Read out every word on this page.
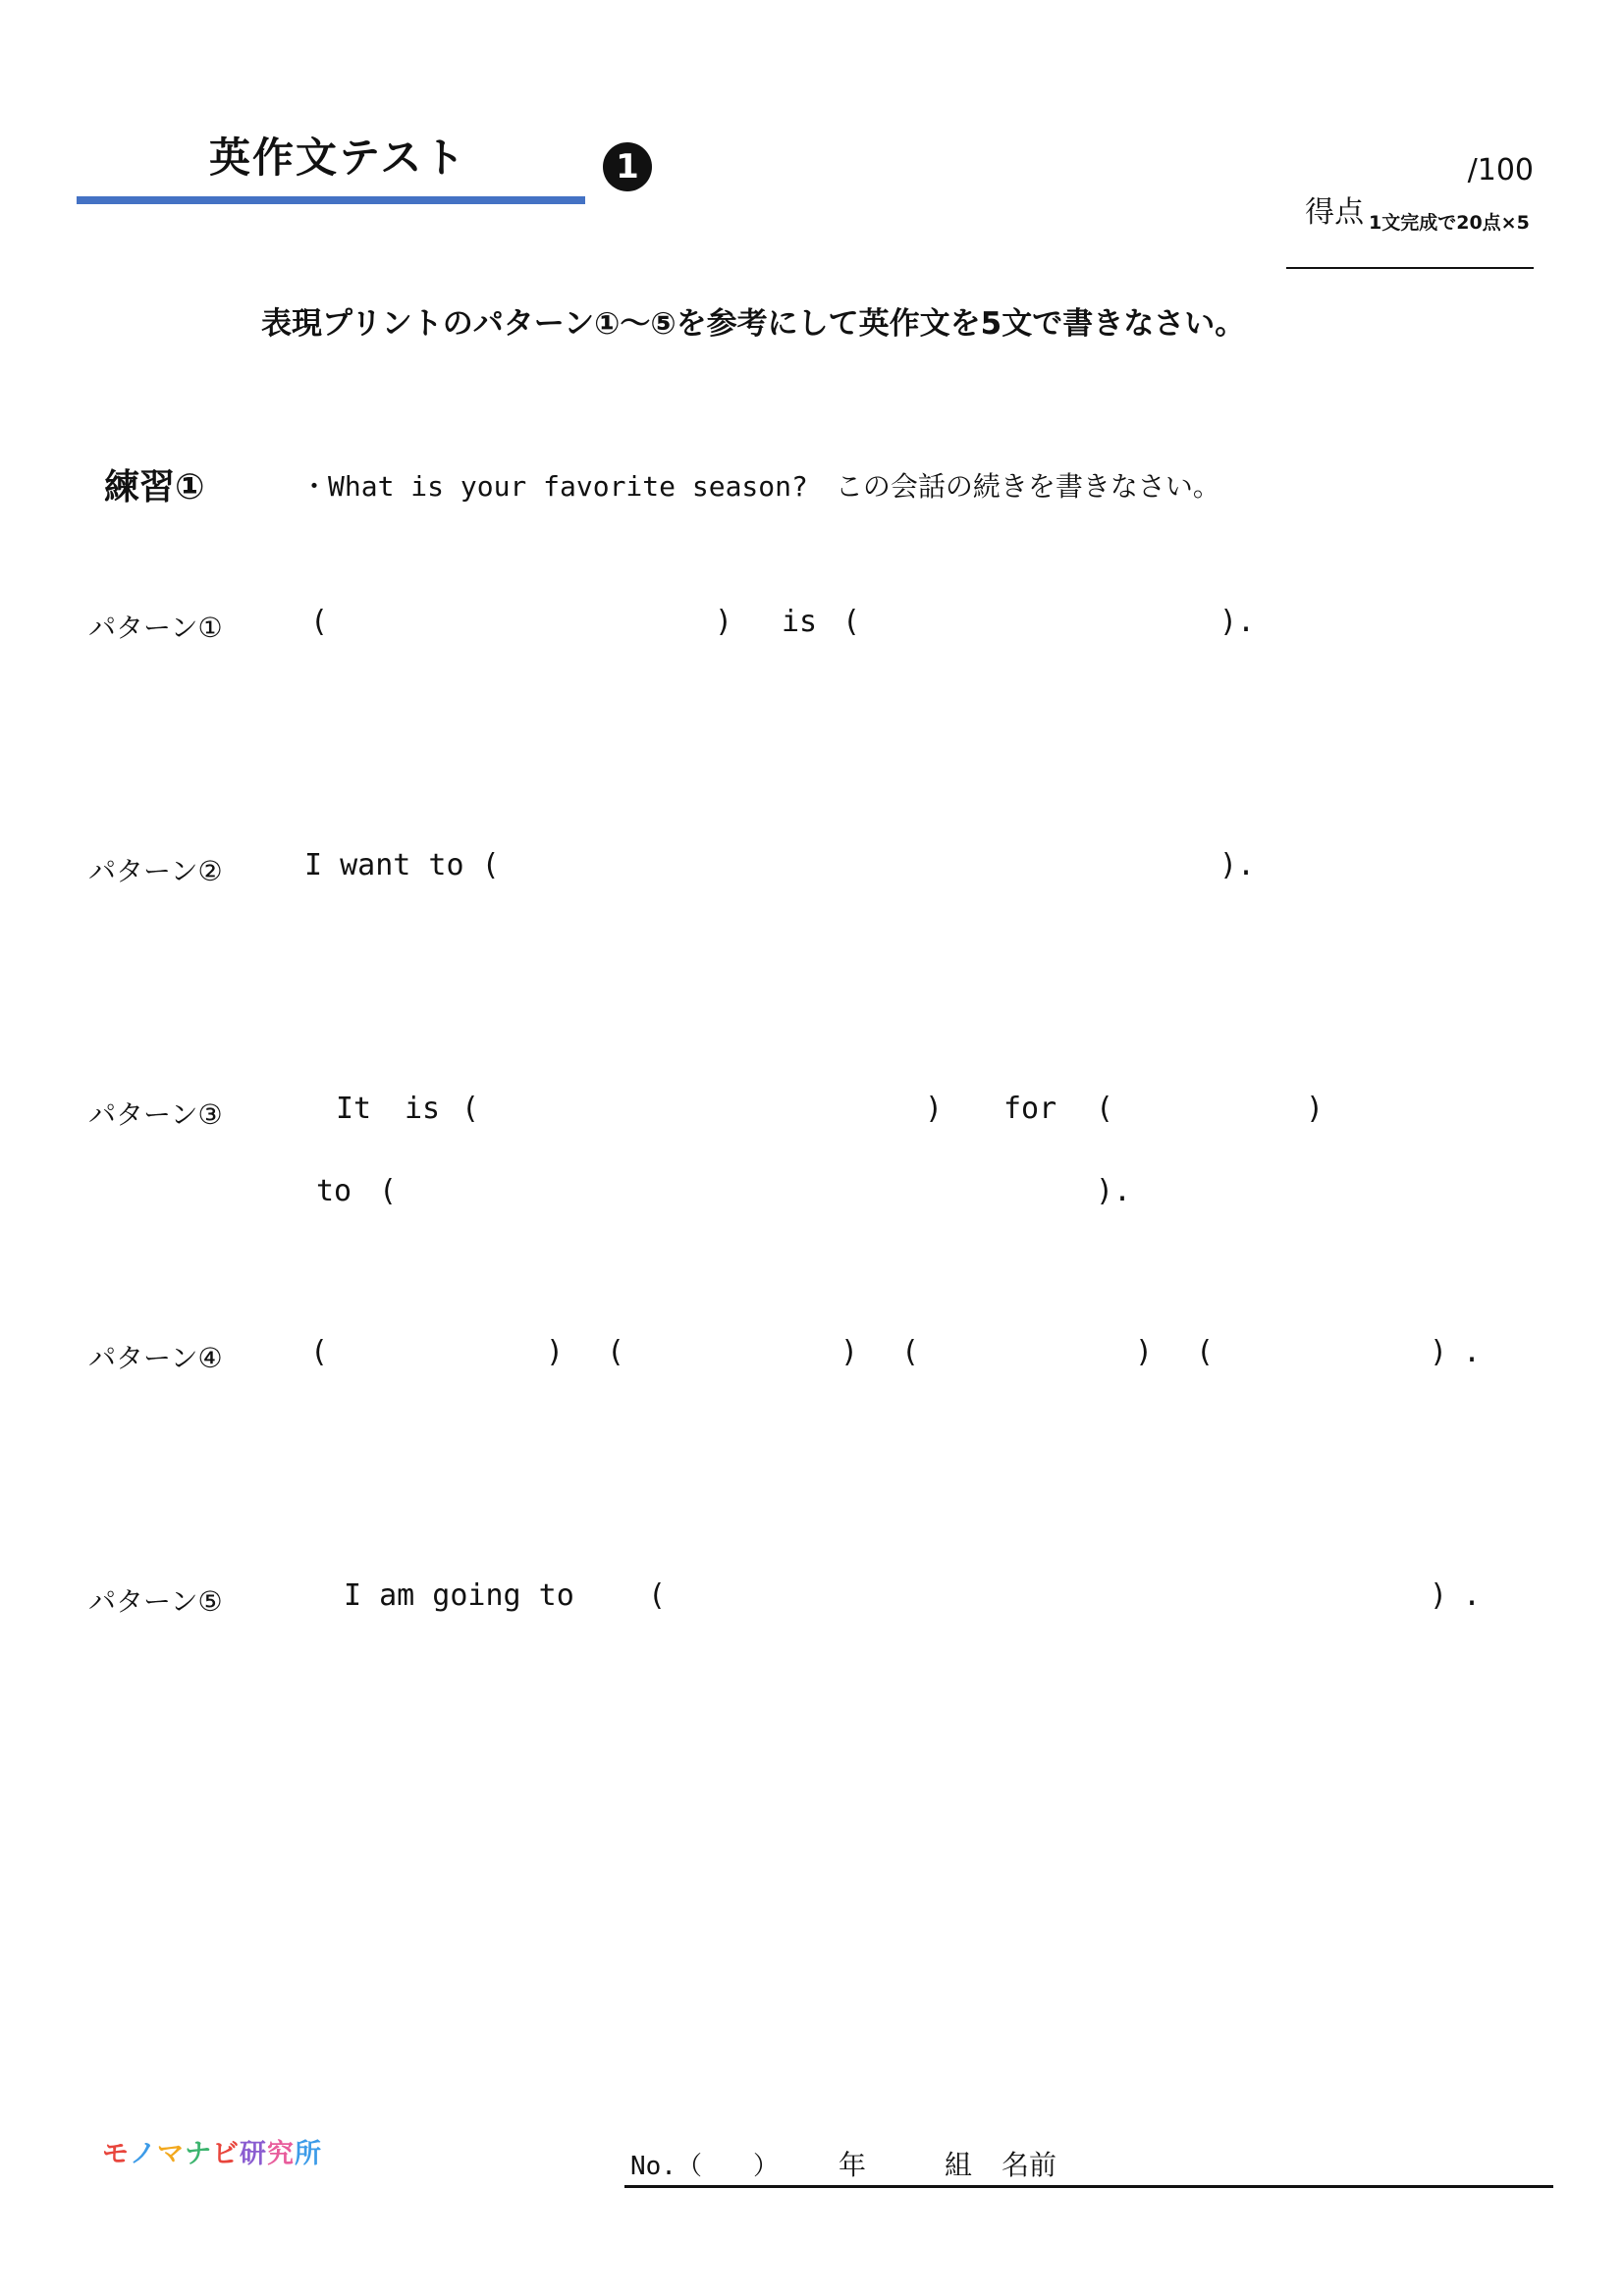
英作文テスト	1

得点

/100

1文完成で20点×5
表現プリントのパターン①～⑤を参考にして英作文を5文で書きなさい。
練習①	・What is your favorite season?　この会話の続きを書きなさい。
パターン①	(	) is (	).
パターン②	I want to (	).
パターン③	It is (	) for (	)
to (	).
パターン④	(	) (	) (	) (	) .
パターン⑤	I am going to	(	) .
モノマナビ研究所	No.（　　） 年	組 名前
